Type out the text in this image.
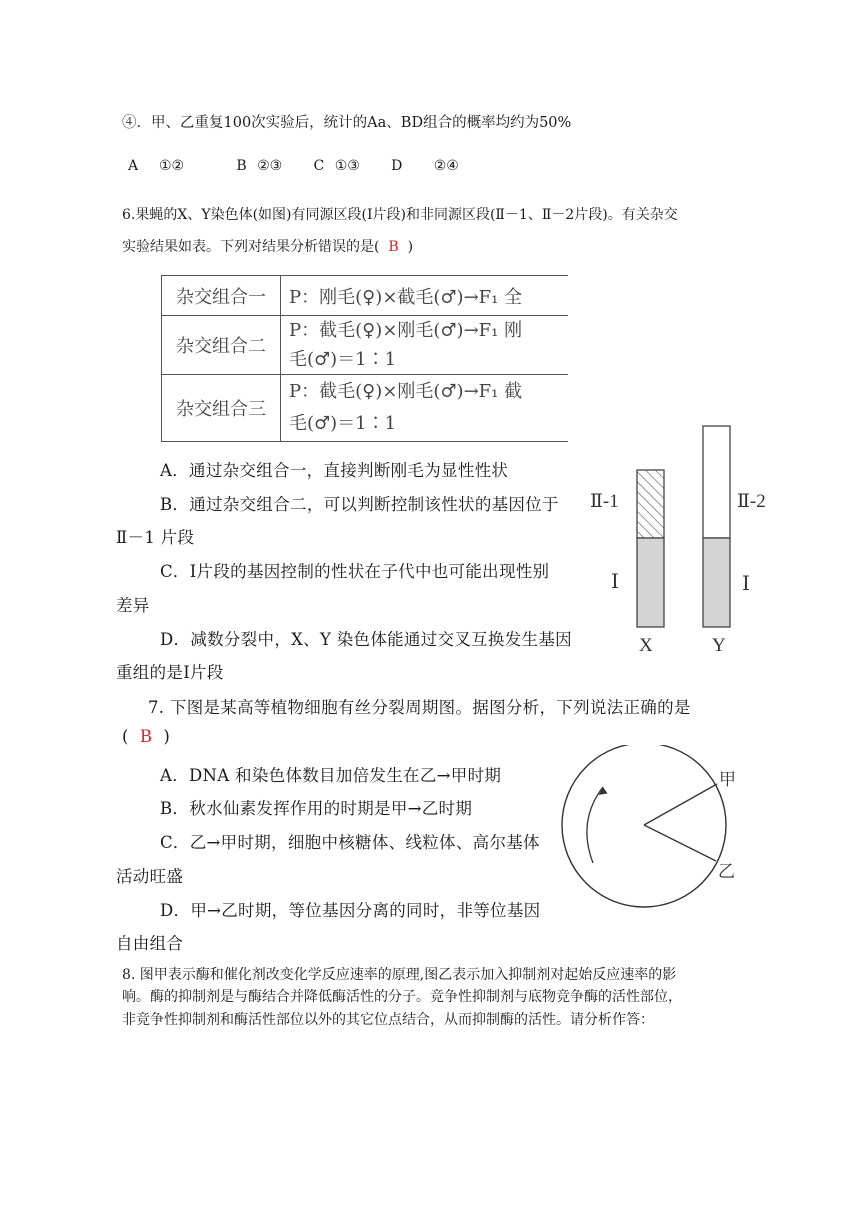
④．甲、乙重复100次实验后，统计的Aa、BD组合的概率均约为50%
A  ①②     B ②③   C ①③   D   ②④
6.果蝇的X、Y染色体(如图)有同源区段(Ⅰ片段)和非同源区段(Ⅱ－1、Ⅱ－2片段)。有关杂交
实验结果如表。下列对结果分析错误的是(  B  )
杂交组合一	P：刚毛(♀)×截毛(♂)→F₁ 全

杂交组合二	P：截毛(♀)×刚毛(♂)→F₁ 刚
毛(♂)＝1∶1

杂交组合三	P：截毛(♀)×刚毛(♂)→F₁ 截
毛(♂)＝1∶1
A．通过杂交组合一，直接判断刚毛为显性性状
B．通过杂交组合二，可以判断控制该性状的基因位于
Ⅱ－1 片段
C．Ⅰ片段的基因控制的性状在子代中也可能出现性别
差异
D．减数分裂中，X、Y 染色体能通过交叉互换发生基因
重组的是Ⅰ片段
Ⅱ-1	Ⅱ-2
Ⅰ	Ⅰ
X	Y
7. 下图是某高等植物细胞有丝分裂周期图。据图分析，下列说法正确的是
(  B  )
A．DNA 和染色体数目加倍发生在乙→甲时期
B．秋水仙素发挥作用的时期是甲→乙时期
C．乙→甲时期，细胞中核糖体、线粒体、高尔基体
活动旺盛
D．甲→乙时期，等位基因分离的同时，非等位基因
自由组合
甲
乙
8. 图甲表示酶和催化剂改变化学反应速率的原理,图乙表示加入抑制剂对起始反应速率的影
响。酶的抑制剂是与酶结合并降低酶活性的分子。竞争性抑制剂与底物竞争酶的活性部位，
非竞争性抑制剂和酶活性部位以外的其它位点结合，从而抑制酶的活性。请分析作答：
